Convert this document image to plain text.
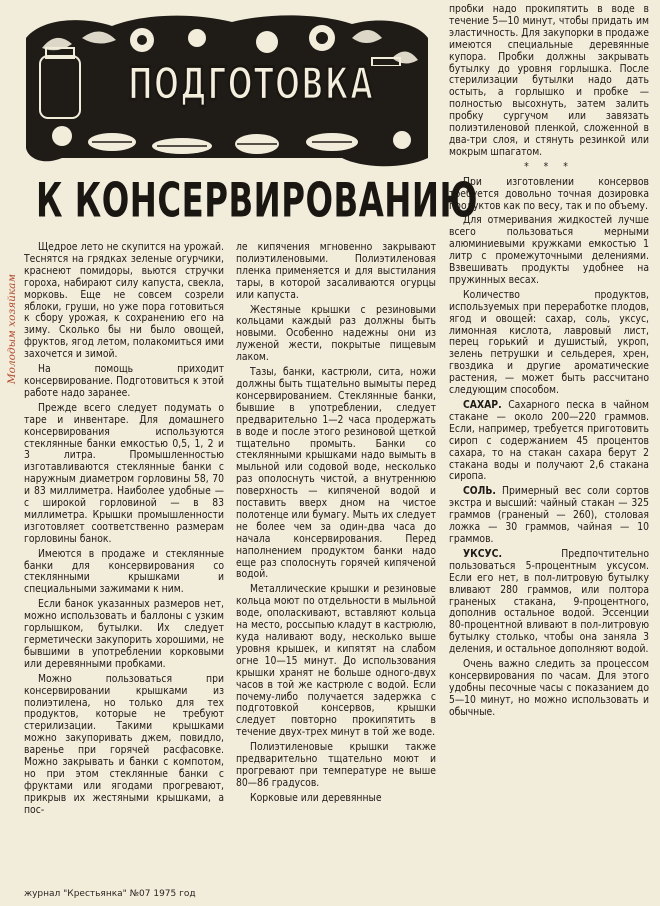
ПОДГОТОВКА
К КОНСЕРВИРОВАНИЮ
Молодым хозяйкам

Щедрое лето не скупится на урожай. Теснятся на грядках зеленые огурчики, краснеют помидоры, вьются стручки гороха, набирают силу капуста, свекла, морковь. Еще не совсем созрели яблоки, груши, но уже пора готовиться к сбору урожая, к сохранению его на зиму. Сколько бы ни было овощей, фруктов, ягод летом, полакомиться ими захочется и зимой.

На помощь приходит консервирование. Подготовиться к этой работе надо заранее.

Прежде всего следует подумать о таре и инвентаре. Для домашнего консервирования используются стеклянные банки емкостью 0,5, 1, 2 и 3 литра. Промышленностью изготавливаются стеклянные банки с наружным диаметром горловины 58, 70 и 83 миллиметра. Наиболее удобные — с широкой горловиной — в 83 миллиметра. Крышки промышленности изготовляет соответственно размерам горловины банок.

Имеются в продаже и стеклянные банки для консервирования со стеклянными крышками и специальными зажимами к ним.

Если банок указанных размеров нет, можно использовать и баллоны с узким горлышком, бутылки. Их следует герметически закупорить хорошими, не бывшими в употреблении корковыми или деревянными пробками.

Можно пользоваться при консервировании крышками из полиэтилена, но только для тех продуктов, которые не требуют стерилизации. Такими крышками можно закупоривать джем, повидло, варенье при горячей расфасовке. Можно закрывать и банки с компотом, но при этом стеклянные банки с фруктами или ягодами прогревают, прикрыв их жестяными крышками, а пос-

ле кипячения мгновенно закрывают полиэтиленовыми. Полиэтиленовая пленка применяется и для выстилания тары, в которой засаливаются огурцы или капуста.

Жестяные крышки с резиновыми кольцами каждый раз должны быть новыми. Особенно надежны они из луженой жести, покрытые пищевым лаком.

Тазы, банки, кастрюли, сита, ножи должны быть тщательно вымыты перед консервированием. Стеклянные банки, бывшие в употреблении, следует предварительно 1—2 часа продержать в воде и после этого резиновой щеткой тщательно промыть. Банки со стеклянными крышками надо вымыть в мыльной или содовой воде, несколько раз ополоснуть чистой, а внутреннюю поверхность — кипяченой водой и поставить вверх дном на чистое полотенце или бумагу. Мыть их следует не более чем за один-два часа до начала консервирования. Перед наполнением продуктом банки надо еще раз сполоснуть горячей кипяченой водой.

Металлические крышки и резиновые кольца моют по отдельности в мыльной воде, ополаскивают, вставляют кольца на место, россыпью кладут в кастрюлю, куда наливают воду, несколько выше уровня крышек, и кипятят на слабом огне 10—15 минут. До использования крышки хранят не больше одного-двух часов в той же кастрюле с водой. Если почему-либо получается задержка с подготовкой консервов, крышки следует повторно прокипятить в течение двух-трех минут в той же воде.

Полиэтиленовые крышки также предварительно тщательно моют и прогревают при температуре не выше 80—86 градусов.

Корковые или деревянные

пробки надо прокипятить в воде в течение 5—10 минут, чтобы придать им эластичность. Для закупорки в продаже имеются специальные деревянные купора. Пробки должны закрывать бутылку до уровня горлышка. После стерилизации бутылки надо дать остыть, а горлышко и пробке — полностью высохнуть, затем залить пробку сургучом или завязать полиэтиленовой пленкой, сложенной в два-три слоя, и стянуть резинкой или мокрым шпагатом.

* * *

При изготовлении консервов требуется довольно точная дозировка продуктов как по весу, так и по объему.

Для отмеривания жидкостей лучше всего пользоваться мерными алюминиевыми кружками емкостью 1 литр с промежуточными делениями. Взвешивать продукты удобнее на пружинных весах.

Количество продуктов, используемых при переработке плодов, ягод и овощей: сахар, соль, уксус, лимонная кислота, лавровый лист, перец горький и душистый, укроп, зелень петрушки и сельдерея, хрен, гвоздика и другие ароматические растения, — может быть рассчитано следующим способом.

САХАР. Сахарного песка в чайном стакане — около 200—220 граммов. Если, например, требуется приготовить сироп с содержанием 45 процентов сахара, то на стакан сахара берут 2 стакана воды и получают 2,6 стакана сиропа.

СОЛЬ. Примерный вес соли сортов экстра и высший: чайный стакан — 325 граммов (граненый — 260), столовая ложка — 30 граммов, чайная — 10 граммов.

УКСУС. Предпочтительно пользоваться 5-процентным уксусом. Если его нет, в пол-литровую бутылку вливают 280 граммов, или полтора граненых стакана, 9-процентного, дополнив остальное водой. Эссенции 80-процентной вливают в пол-литровую бутылку столько, чтобы она заняла 3 деления, и остальное дополняют водой.

Очень важно следить за процессом консервирования по часам. Для этого удобны песочные часы с показанием до 5—10 минут, но можно использовать и обычные.

журнал "Крестьянка" №07 1975 год
